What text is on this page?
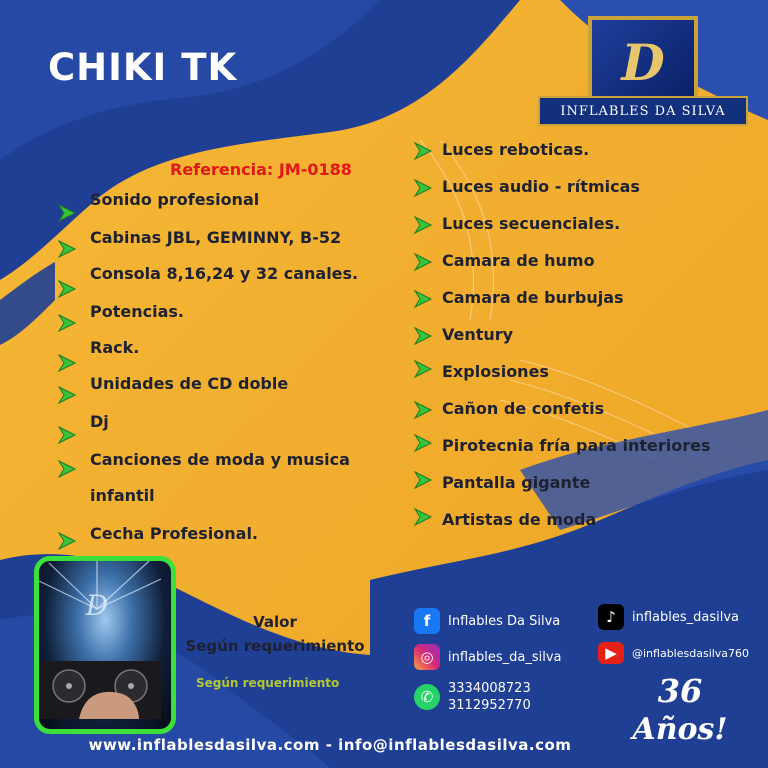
CHIKI TK	D
INFLABLES DA SILVA
Referencia: JM-0188
Sonido profesional
Cabinas JBL, GEMINNY, B-52
Consola 8,16,24 y 32 canales.
Potencias.
Rack.
Unidades de CD doble
Dj
Canciones de moda y musica
infantil
Cecha Profesional.
Luces reboticas.
Luces audio - rítmicas
Luces secuenciales.
Camara de humo
Camara de burbujas
Ventury
Explosiones
Cañon de confetis
Pirotecnia fría para interiores
Pantalla gigante
Artistas de moda
D	Valor
Según requerimiento
Según requerimiento
f	Inflables Da Silva	♪	inflables_dasilva
◎	inflables_da_silva	▶	@inflablesdasilva760
✆	3334008723
3112952770	36
Años!
www.inflablesdasilva.com - info@inflablesdasilva.com
